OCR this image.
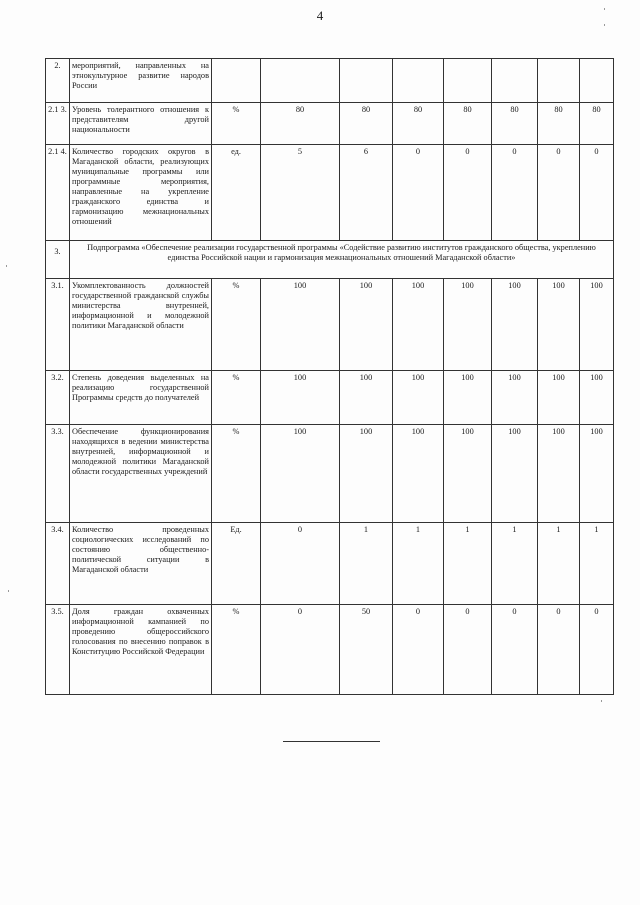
4
2.	мероприятий, направленных на этнокультурное развитие народов России								
2.1 3.	Уровень толерантного отношения к представителям другой национальности	%	80	80	80	80	80	80	80
2.1 4.	Количество городских округов в Магаданской области, реализующих муниципальные программы или программные мероприятия, направленные на укрепление гражданского единства и гармонизацию межнациональных отношений	ед.	5	6	0	0	0	0	0
3.	Подпрограмма «Обеспечение реализации государственной программы «Содействие развитию институтов гражданского общества, укреплению единства Российской нации и гармонизация межнациональных отношений Магаданской области»								
3.1.	Укомплектованность должностей государственной гражданской службы министерства внутренней, информационной и молодежной политики Магаданской области	%	100	100	100	100	100	100	100
3.2.	Степень доведения выделенных на реализацию государственной Программы средств до получателей	%	100	100	100	100	100	100	100
3.3.	Обеспечение функционирования находящихся в ведении министерства внутренней, информационной и молодежной политики Магаданской области государственных учреждений	%	100	100	100	100	100	100	100
3.4.	Количество проведенных социологических исследований по состоянию общественно-политической ситуации в Магаданской области	Ед.	0	1	1	1	1	1	1
3.5.	Доля граждан охваченных информационной кампанией по проведению общероссийского голосования по внесению поправок в Конституцию Российской Федерации	%	0	50	0	0	0	0	0
